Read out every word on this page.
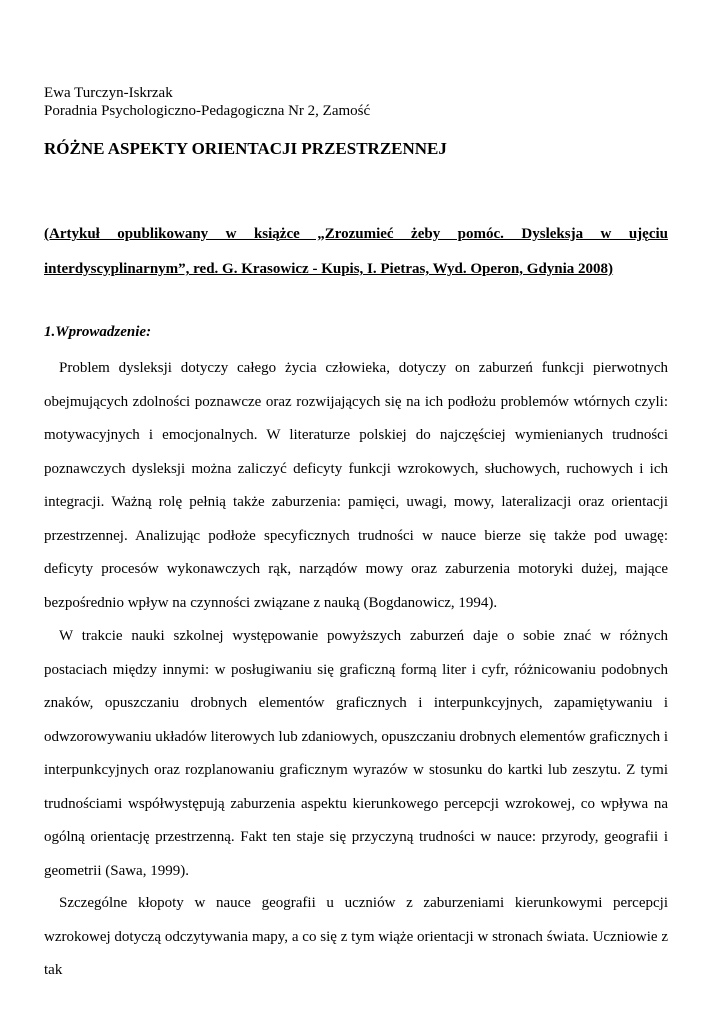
Ewa Turczyn-Iskrzak
Poradnia Psychologiczno-Pedagogiczna Nr 2, Zamość
RÓŻNE ASPEKTY ORIENTACJI PRZESTRZENNEJ

(Artykuł opublikowany w książce „Zrozumieć żeby pomóc. Dysleksja w ujęciu

interdyscyplinarnym”, red. G. Krasowicz - Kupis, I. Pietras, Wyd. Operon, Gdynia 2008)

1.Wprowadzenie:

Problem dysleksji dotyczy całego życia człowieka, dotyczy on zaburzeń funkcji pierwotnych obejmujących zdolności poznawcze oraz rozwijających się na ich podłożu problemów wtórnych czyli: motywacyjnych i emocjonalnych. W literaturze polskiej do najczęściej wymienianych trudności poznawczych dysleksji można zaliczyć deficyty funkcji wzrokowych, słuchowych, ruchowych i ich integracji. Ważną rolę pełnią także zaburzenia: pamięci, uwagi, mowy, lateralizacji oraz orientacji przestrzennej. Analizując podłoże specyficznych trudności w nauce bierze się także pod uwagę: deficyty procesów wykonawczych rąk, narządów mowy oraz zaburzenia motoryki dużej, mające bezpośrednio wpływ na czynności związane z nauką (Bogdanowicz, 1994).

W trakcie nauki szkolnej występowanie powyższych zaburzeń daje o sobie znać w różnych postaciach między innymi: w posługiwaniu się graficzną formą liter i cyfr, różnicowaniu podobnych znaków, opuszczaniu drobnych elementów graficznych i interpunkcyjnych, zapamiętywaniu i odwzorowywaniu układów literowych lub zdaniowych, opuszczaniu drobnych elementów graficznych i interpunkcyjnych oraz rozplanowaniu graficznym wyrazów w stosunku do kartki lub zeszytu. Z tymi trudnościami współwystępują zaburzenia aspektu kierunkowego percepcji wzrokowej, co wpływa na ogólną orientację przestrzenną. Fakt ten staje się przyczyną trudności w nauce: przyrody, geografii i geometrii (Sawa, 1999).

Szczególne kłopoty w nauce geografii u uczniów z zaburzeniami kierunkowymi percepcji wzrokowej dotyczą odczytywania mapy, a co się z tym wiąże orientacji w stronach świata. Uczniowie z tak
